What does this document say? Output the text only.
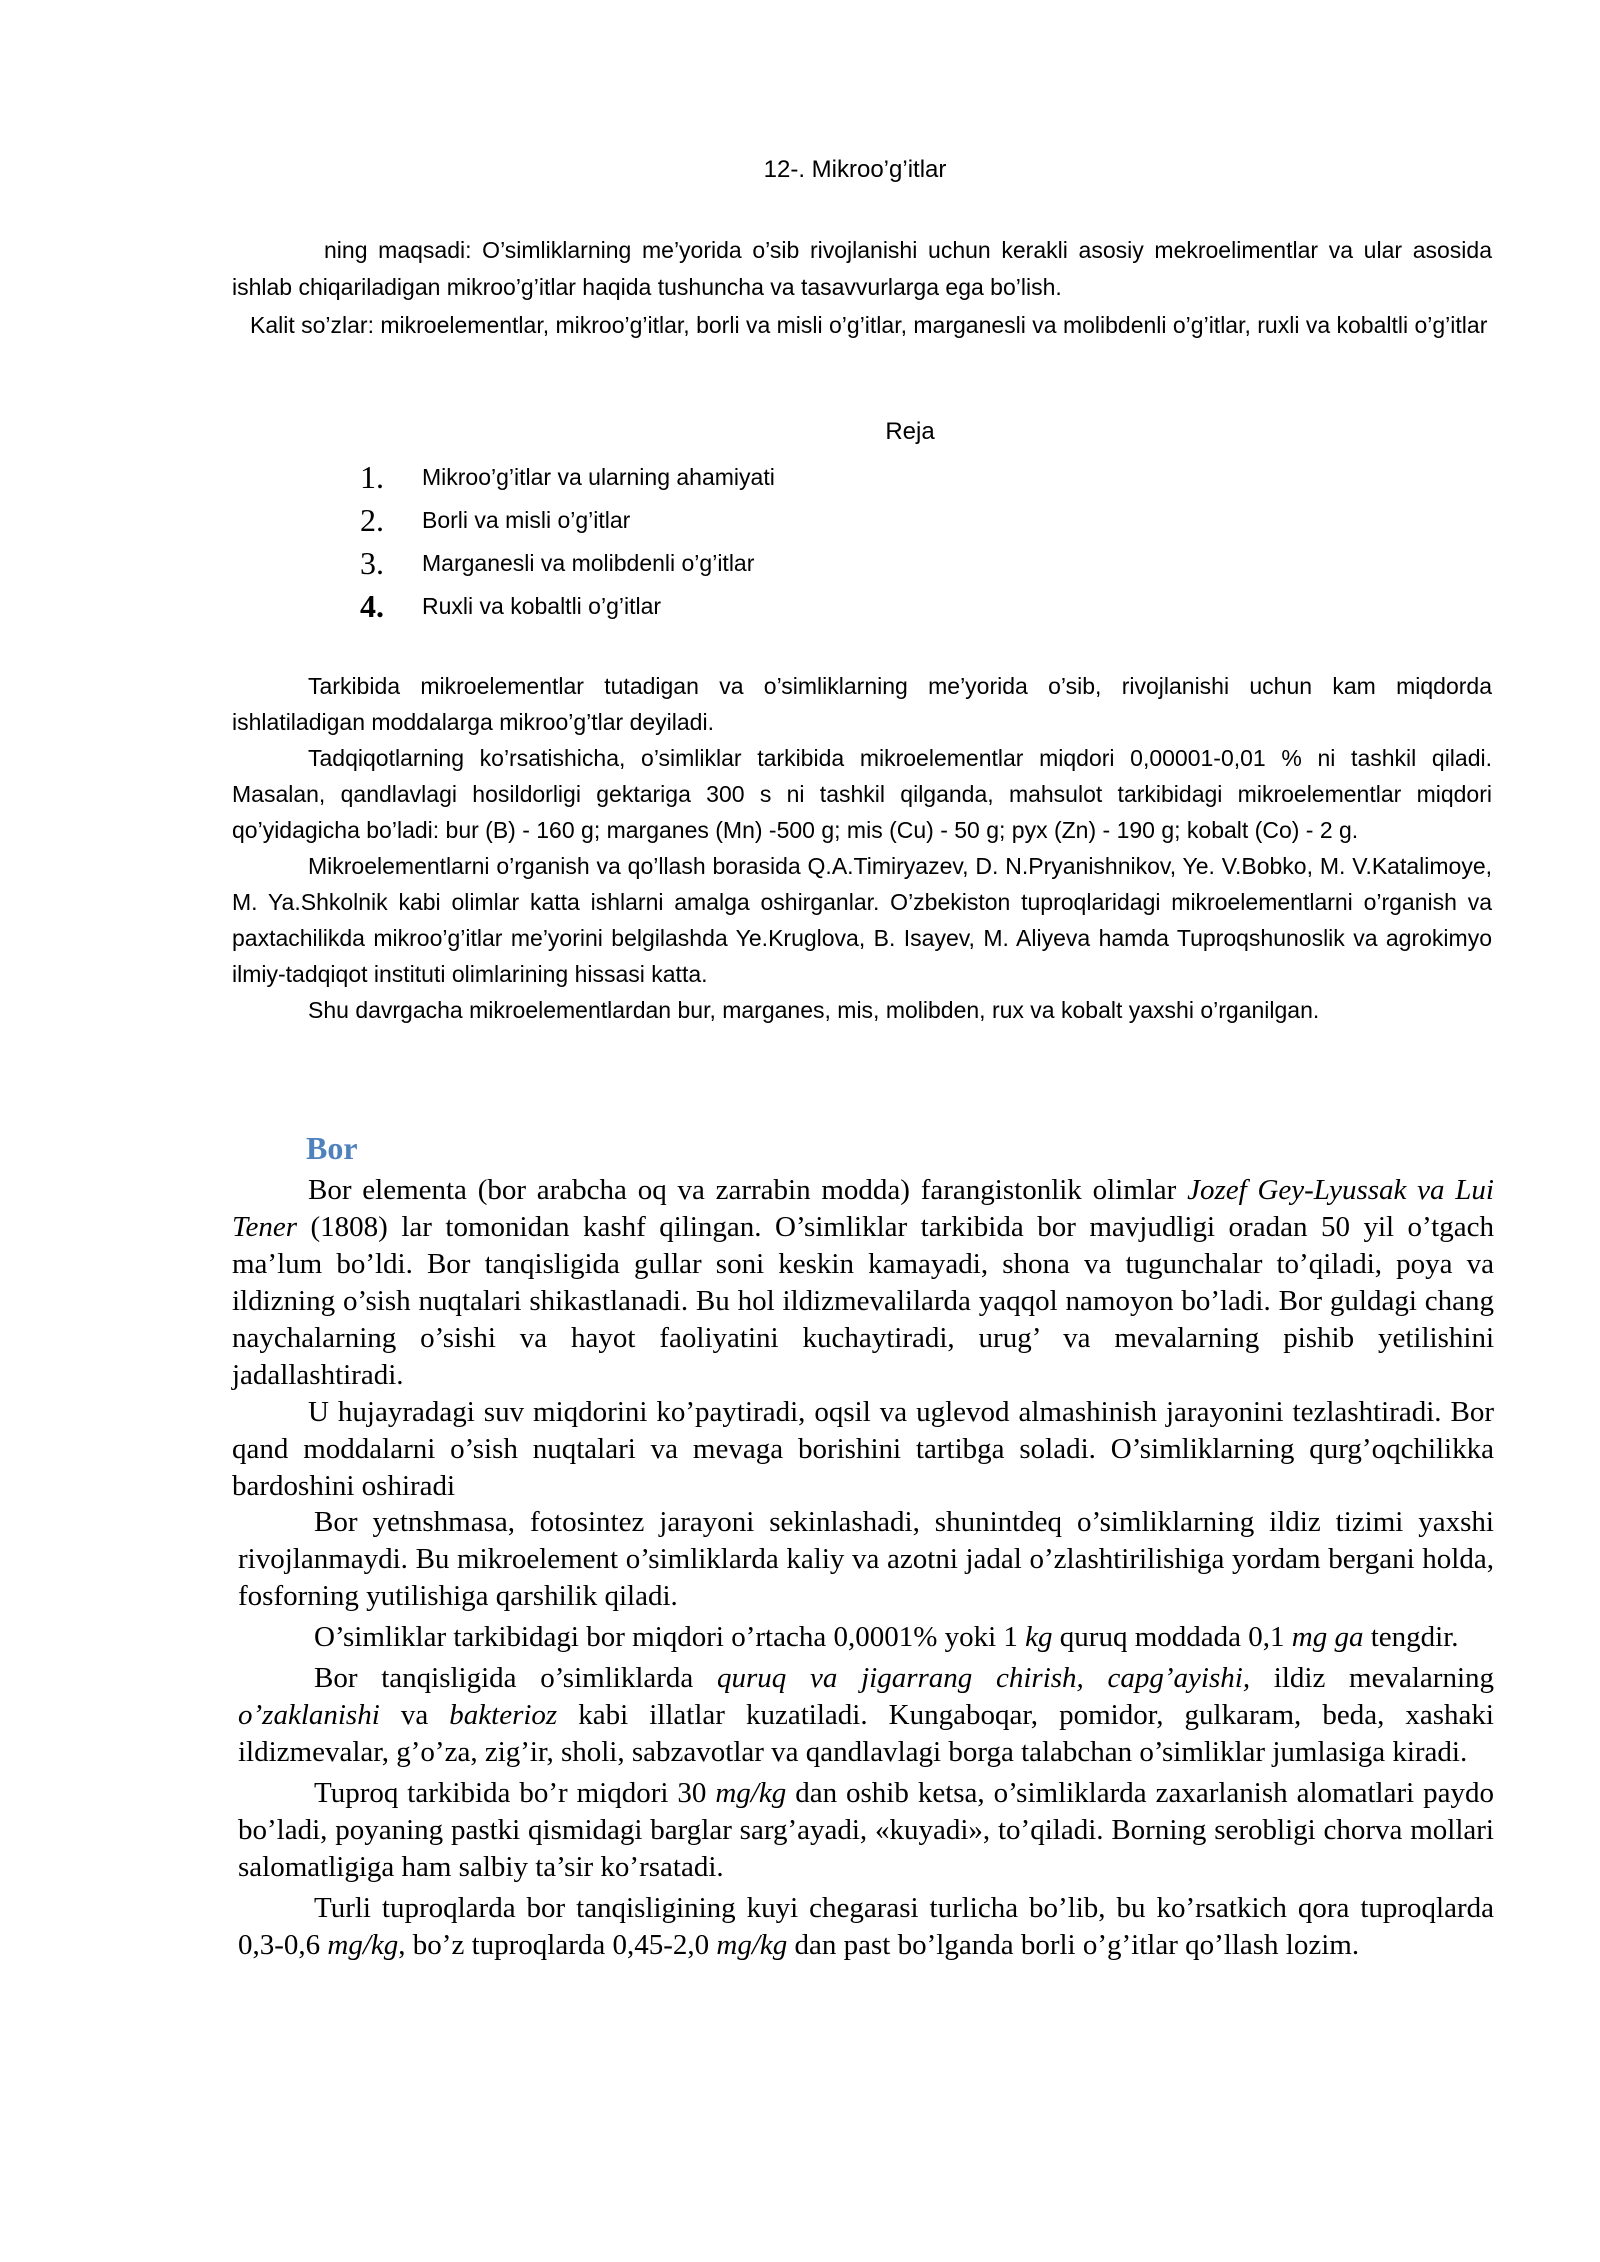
12-. Mikroo’g’itlar
ning maqsadi: O’simliklarning me’yorida o’sib rivojlanishi uchun kerakli asosiy mekroelimentlar va ular asosida ishlab chiqariladigan mikroo’g’itlar haqida tushuncha va tasavvurlarga ega bo’lish.
Kalit so’zlar: mikroelementlar, mikroo’g’itlar, borli va misli o’g’itlar, marganesli va molibdenli o’g’itlar, ruxli va kobaltli o’g’itlar
Reja
1.	Mikroo’g’itlar va ularning ahamiyati
2.	Borli va misli o’g’itlar
3.	Marganesli va molibdenli o’g’itlar
4.	Ruxli va kobaltli o’g’itlar

Tarkibida mikroelementlar tutadigan va o’simliklarning me’yorida o’sib, rivojlanishi uchun kam miqdorda ishlatiladigan moddalarga mikroo’g’tlar deyiladi.

Tadqiqotlarning ko’rsatishicha, o’simliklar tarkibida mikroelementlar miqdori 0,00001-0,01 % ni tashkil qiladi. Masalan, qandlavlagi hosildorligi gektariga 300 s ni tashkil qilganda, mahsulot tarkibidagi mikroelementlar miqdori qo’yidagicha bo’ladi: bur (B) - 160 g; marganes (Mn) -500 g; mis (Cu) - 50 g; pyx (Zn) - 190 g; kobalt (Co) - 2 g.

Mikroelementlarni o’rganish va qo’llash borasida Q.A.Timiryazev, D. N.Pryanishnikov, Ye. V.Bobko, M. V.Katalimoye, M. Ya.Shkolnik kabi olimlar katta ishlarni amalga oshirganlar. O’zbekiston tuproqlaridagi mikroelementlarni o’rganish va paxtachilikda mikroo’g’itlar me’yorini belgilashda Ye.Kruglova, B. Isayev, M. Aliyeva hamda Tuproqshunoslik va agrokimyo ilmiy-tadqiqot instituti olimlarining hissasi katta.

Shu davrgacha mikroelementlardan bur, marganes, mis, molibden, rux va kobalt yaxshi o’rganilgan.

Bor

Bor elementa (bor arabcha oq va zarrabin modda) farangistonlik olimlar Jozef Gey-Lyussak va Lui Tener (1808) lar tomonidan kashf qilingan. O’simliklar tarkibida bor mavjudligi oradan 50 yil o’tgach ma’lum bo’ldi. Bor tanqisligida gullar soni keskin kamayadi, shona va tugunchalar to’qiladi, poya va ildizning o’sish nuqtalari shikastlanadi. Bu hol ildizmevalilarda yaqqol namoyon bo’ladi. Bor guldagi chang naychalarning o’sishi va hayot faoliyatini kuchaytiradi, urug’ va mevalarning pishib yetilishini jadallashtiradi.

U hujayradagi suv miqdorini ko’paytiradi, oqsil va uglevod almashinish jarayonini tezlashtiradi. Bor qand moddalarni o’sish nuqtalari va mevaga borishini tartibga soladi. O’simliklarning qurg’oqchilikka bardoshini oshiradi

Bor yetnshmasa, fotosintez jarayoni sekinlashadi, shunintdeq o’simliklarning ildiz tizimi yaxshi rivojlanmaydi. Bu mikroelement o’simliklarda kaliy va azotni jadal o’zlashtirilishiga yordam bergani holda, fosforning yutilishiga qarshilik qiladi.

O’simliklar tarkibidagi bor miqdori o’rtacha 0,0001% yoki 1 kg quruq moddada 0,1 mg ga tengdir.

Bor tanqisligida o’simliklarda quruq va jigarrang chirish, capg’ayishi, ildiz mevalarning o’zaklanishi va bakterioz kabi illatlar kuzatiladi. Kungaboqar, pomidor, gulkaram, beda, xashaki ildizmevalar, g’o’za, zig’ir, sholi, sabzavotlar va qandlavlagi borga talabchan o’simliklar jumlasiga kiradi.

Tuproq tarkibida bo’r miqdori 30 mg/kg dan oshib ketsa, o’simliklarda zaxarlanish alomatlari paydo bo’ladi, poyaning pastki qismidagi barglar sarg’ayadi, «kuyadi», to’qiladi. Borning serobligi chorva mollari salomatligiga ham salbiy ta’sir ko’rsatadi.

Turli tuproqlarda bor tanqisligining kuyi chegarasi turlicha bo’lib, bu ko’rsatkich qora tuproqlarda 0,3-0,6 mg/kg, bo’z tuproqlarda 0,45-2,0 mg/kg dan past bo’lganda borli o’g’itlar qo’llash lozim.
